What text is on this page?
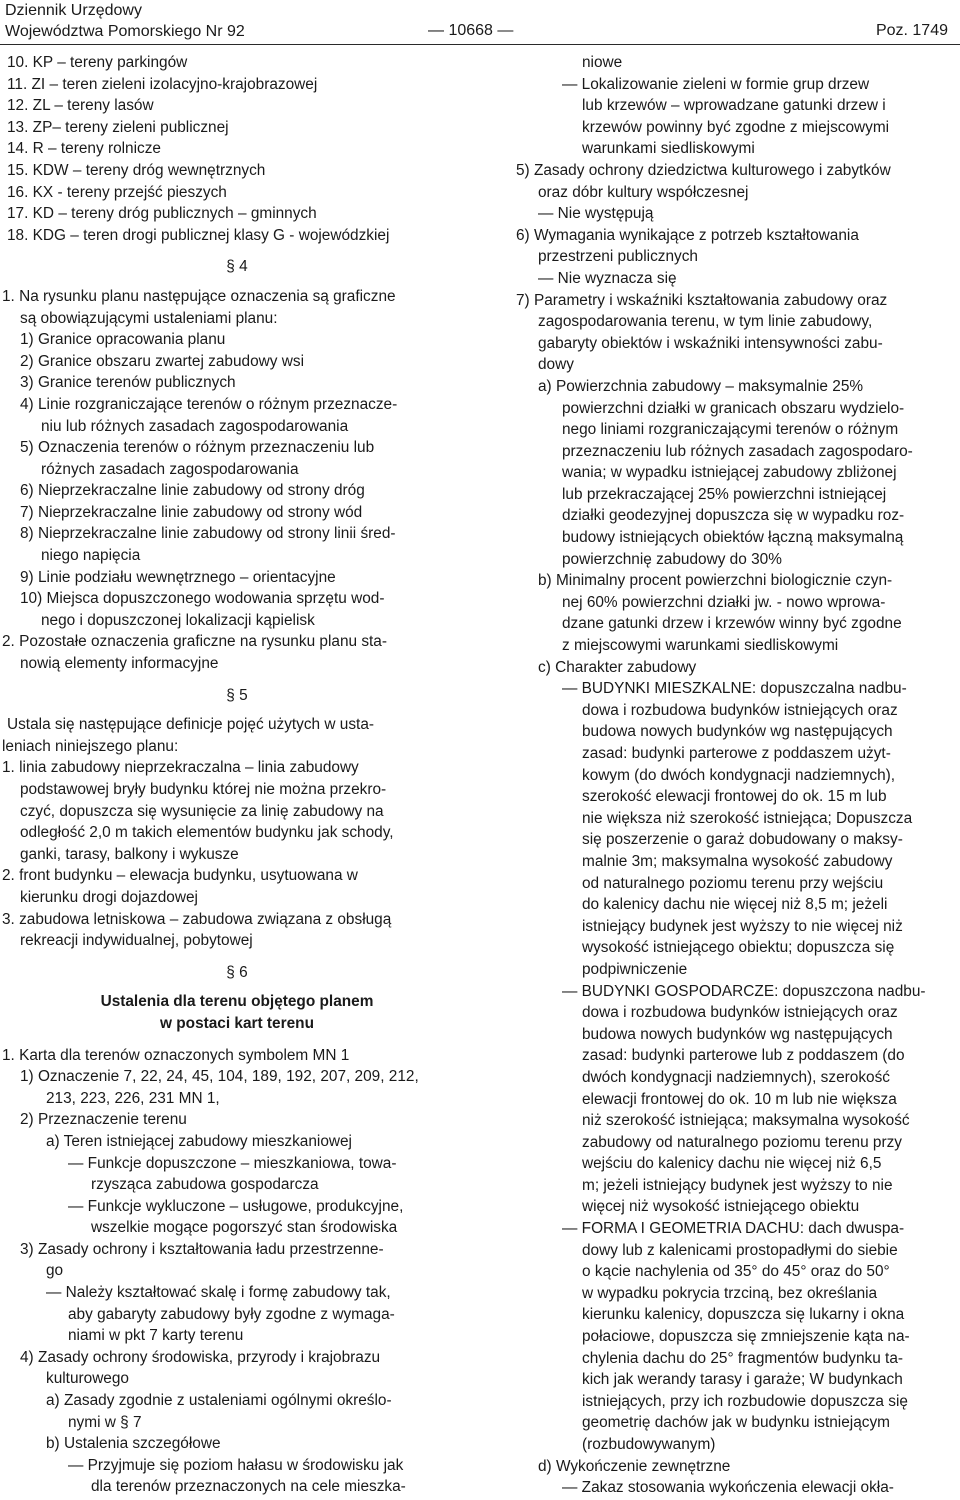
Dziennik Urzędowy
Województwa Pomorskiego Nr 92	— 10668 —	Poz. 1749
10. KP – tereny parkingów
11. ZI – teren zieleni izolacyjno-krajobrazowej
12. ZL – tereny lasów
13. ZP– tereny zieleni publicznej
14. R – tereny rolnicze
15. KDW – tereny dróg wewnętrznych
16. KX - tereny przejść pieszych
17. KD – tereny dróg publicznych – gminnych
18. KDG – teren drogi publicznej klasy G - wojewódzkiej
§ 4
1. Na rysunku planu następujące oznaczenia są graficzne
są obowiązującymi ustaleniami planu:
1) Granice opracowania planu
2) Granice obszaru zwartej zabudowy wsi
3) Granice terenów publicznych
4) Linie rozgraniczające terenów o różnym przeznacze-
niu lub różnych zasadach zagospodarowania
5) Oznaczenia terenów o różnym przeznaczeniu lub
różnych zasadach zagospodarowania
6) Nieprzekraczalne linie zabudowy od strony dróg
7) Nieprzekraczalne linie zabudowy od strony wód
8) Nieprzekraczalne linie zabudowy od strony linii śred-
niego napięcia
9) Linie podziału wewnętrznego – orientacyjne
10) Miejsca dopuszczonego wodowania sprzętu wod-
nego i dopuszczonej lokalizacji kąpielisk
2. Pozostałe oznaczenia graficzne na rysunku planu sta-
nowią elementy informacyjne
§ 5
Ustala się następujące definicje pojęć użytych w usta-
leniach niniejszego planu:
1. linia zabudowy nieprzekraczalna – linia zabudowy
podstawowej bryły budynku której nie można przekro-
czyć, dopuszcza się wysunięcie za linię zabudowy na
odległość 2,0 m takich elementów budynku jak schody,
ganki, tarasy, balkony i wykusze
2. front budynku – elewacja budynku, usytuowana w
kierunku drogi dojazdowej
3. zabudowa letniskowa – zabudowa związana z obsługą
rekreacji indywidualnej, pobytowej
§ 6
Ustalenia dla terenu objętego planem
w postaci kart terenu
1. Karta dla terenów oznaczonych symbolem MN 1
1) Oznaczenie 7, 22, 24, 45, 104, 189, 192, 207, 209, 212,
213, 223, 226, 231 MN 1,
2) Przeznaczenie terenu
a) Teren istniejącej zabudowy mieszkaniowej
— Funkcje dopuszczone – mieszkaniowa, towa-
rzysząca zabudowa gospodarcza
— Funkcje wykluczone – usługowe, produkcyjne,
wszelkie mogące pogorszyć stan środowiska
3) Zasady ochrony i kształtowania ładu przestrzenne-
go
— Należy kształtować skalę i formę zabudowy tak,
aby gabaryty zabudowy były zgodne z wymaga-
niami w pkt 7 karty terenu
4) Zasady ochrony środowiska, przyrody i krajobrazu
kulturowego
a) Zasady zgodnie z ustaleniami ogólnymi określo-
nymi w § 7
b) Ustalenia szczegółowe
— Przyjmuje się poziom hałasu w środowisku jak
dla terenów przeznaczonych na cele mieszka-
niowe
— Lokalizowanie zieleni w formie grup drzew
lub krzewów – wprowadzane gatunki drzew i
krzewów powinny być zgodne z miejscowymi
warunkami siedliskowymi
5) Zasady ochrony dziedzictwa kulturowego i zabytków
oraz dóbr kultury współczesnej
— Nie występują
6) Wymagania wynikające z potrzeb kształtowania
przestrzeni publicznych
— Nie wyznacza się
7) Parametry i wskaźniki kształtowania zabudowy oraz
zagospodarowania terenu, w tym linie zabudowy,
gabaryty obiektów i wskaźniki intensywności zabu-
dowy
a) Powierzchnia zabudowy – maksymalnie 25%
powierzchni działki w granicach obszaru wydzielo-
nego liniami rozgraniczającymi terenów o różnym
przeznaczeniu lub różnych zasadach zagospodaro-
wania; w wypadku istniejącej zabudowy zbliżonej
lub przekraczającej 25% powierzchni istniejącej
działki geodezyjnej dopuszcza się w wypadku roz-
budowy istniejących obiektów łączną maksymalną
powierzchnię zabudowy do 30%
b) Minimalny procent powierzchni biologicznie czyn-
nej 60% powierzchni działki jw. - nowo wprowa-
dzane gatunki drzew i krzewów winny być zgodne
z miejscowymi warunkami siedliskowymi
c) Charakter zabudowy
— BUDYNKI MIESZKALNE: dopuszczalna nadbu-
dowa i rozbudowa budynków istniejących oraz
budowa nowych budynków wg następujących
zasad: budynki parterowe z poddaszem użyt-
kowym (do dwóch kondygnacji nadziemnych),
szerokość elewacji frontowej do ok. 15 m lub
nie większa niż szerokość istniejąca; Dopuszcza
się poszerzenie o garaż dobudowany o maksy-
malnie 3m; maksymalna wysokość zabudowy
od naturalnego poziomu terenu przy wejściu
do kalenicy dachu nie więcej niż 8,5 m; jeżeli
istniejący budynek jest wyższy to nie więcej niż
wysokość istniejącego obiektu; dopuszcza się
podpiwniczenie
— BUDYNKI GOSPODARCZE: dopuszczona nadbu-
dowa i rozbudowa budynków istniejących oraz
budowa nowych budynków wg następujących
zasad: budynki parterowe lub z poddaszem (do
dwóch kondygnacji nadziemnych), szerokość
elewacji frontowej do ok. 10 m lub nie większa
niż szerokość istniejąca; maksymalna wysokość
zabudowy od naturalnego poziomu terenu przy
wejściu do kalenicy dachu nie więcej niż 6,5
m; jeżeli istniejący budynek jest wyższy to nie
więcej niż wysokość istniejącego obiektu
— FORMA I GEOMETRIA DACHU: dach dwuspa-
dowy lub z kalenicami prostopadłymi do siebie
o kącie nachylenia od 35° do 45° oraz do 50°
w wypadku pokrycia trzciną, bez określania
kierunku kalenicy, dopuszcza się lukarny i okna
połaciowe, dopuszcza się zmniejszenie kąta na-
chylenia dachu do 25° fragmentów budynku ta-
kich jak werandy tarasy i garaże; W budynkach
istniejących, przy ich rozbudowie dopuszcza się
geometrię dachów jak w budynku istniejącym
(rozbudowywanym)
d) Wykończenie zewnętrzne
— Zakaz stosowania wykończenia elewacji okła-
